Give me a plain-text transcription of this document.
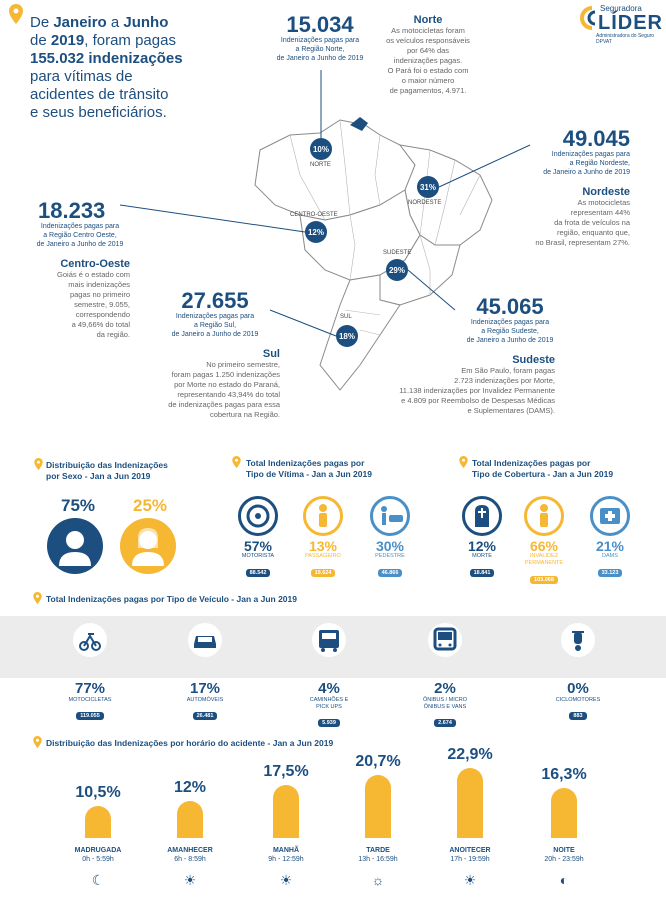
De Janeiro a Junho
de 2019, foram pagas
155.032 indenizações
para vítimas de
acidentes de trânsito
e seus beneficiários.
Seguradora
LÍDER
Administradora do Seguro DPVAT
10%
NORTE
31%
NORDESTE
12%
CENTRO-OESTE
29%
SUDESTE
18%
SUL
15.034
Indenizações pagas para
a Região Norte,
de Janeiro a Junho de 2019
Norte
As motocicletas foram
os veículos responsáveis
por 64% das
indenizações pagas.
O Pará foi o estado com
o maior número
de pagamentos, 4.971.
49.045
Indenizações pagas para
a Região Nordeste,
de Janeiro a Junho de 2019
Nordeste
As motocicletas
representam 44%
da frota de veículos na
região, enquanto que,
no Brasil, representam 27%.
18.233
Indenizações pagas para
a Região Centro Oeste,
de Janeiro a Junho de 2019
Centro-Oeste
Goiás é o estado com
mais indenizações
pagas no primeiro
semestre, 9.055,
correspondendo
a 49,66% do total
da região.
27.655
Indenizações pagas para
a Região Sul,
de Janeiro a Junho de 2019
Sul
No primeiro semestre,
foram pagas 1.250 indenizações
por Morte no estado do Paraná,
representando 43,94% do total
de indenizações pagas para essa
cobertura na Região.
45.065
Indenizações pagas para
a Região Sudeste,
de Janeiro a Junho de 2019
Sudeste
Em São Paulo, foram pagas
2.723 indenizações por Morte,
11.138 indenizações por Invalidez Permanente
e 4.809 por Reembolso de Despesas Médicas
e Suplementares (DAMS).
Distribuição das Indenizações
por Sexo - Jan a Jun 2019
75%	25%
Total Indenizações pagas por
Tipo de Vítima - Jan a Jun 2019
57%
MOTORISTA
88.542
13%
PASSAGEIRO
19.624
30%
PEDESTRE
46.866
Total Indenizações pagas por
Tipo de Cobertura - Jan a Jun 2019
12%
MORTE
18.841
66%
INVALIDEZ PERMANENTE
103.068
21%
DAMS
33.123
Total Indenizações pagas por Tipo de Veículo - Jan a Jun 2019
77%
MOTOCICLETAS
119.055
17%
AUTOMÓVEIS
26.481
4%
CAMINHÕES E PICK UPS
5.939
2%
ÔNIBUS / MICRO ÔNIBUS E VANS
2.674
0%
CICLOMOTORES
883
Distribuição das Indenizações por horário do acidente - Jan a Jun 2019
10,5%
MADRUGADA
0h - 5:59h
12%
AMANHECER
6h - 8:59h
17,5%
MANHÃ
9h - 12:59h
20,7%
TARDE
13h - 16:59h
22,9%
ANOITECER
17h - 19:59h
16,3%
NOITE
20h - 23:59h
☾	☀	☀	☼	☀	◐
